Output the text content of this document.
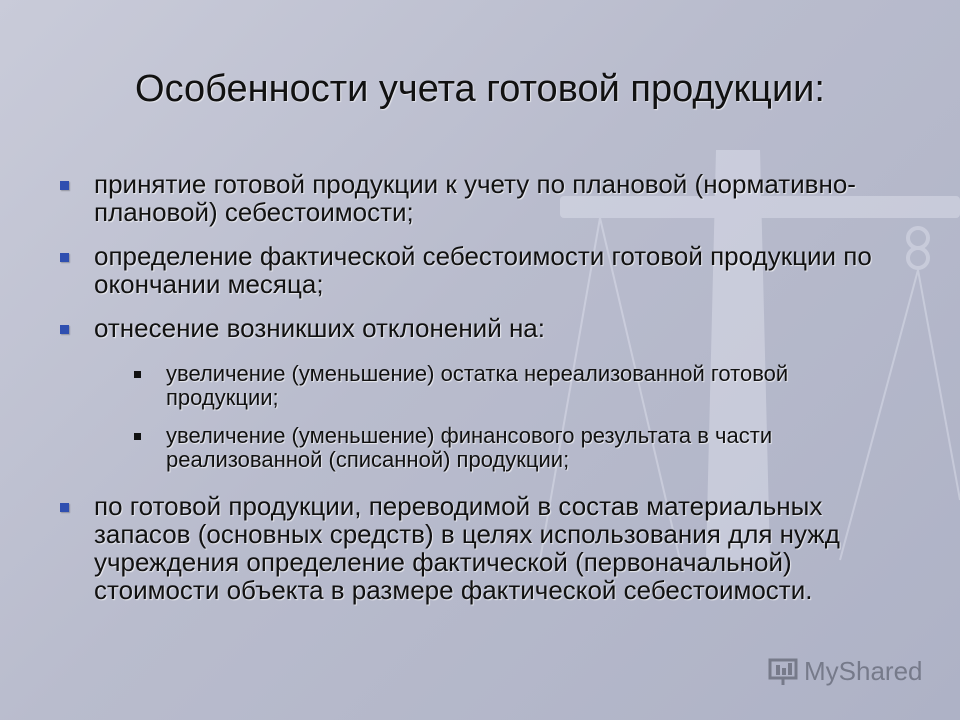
Особенности учета готовой продукции:
принятие готовой продукции к учету по плановой (нормативно-плановой) себестоимости;
определение фактической себестоимости готовой продукции по окончании месяца;
отнесение возникших отклонений на:
увеличение (уменьшение) остатка нереализованной готовой продукции;
увеличение (уменьшение) финансового результата в части реализованной (списанной) продукции;
по готовой продукции, переводимой в состав материальных запасов (основных средств) в целях использования для нужд учреждения определение фактической (первоначальной) стоимости объекта в размере фактической себестоимости.
MyShared
